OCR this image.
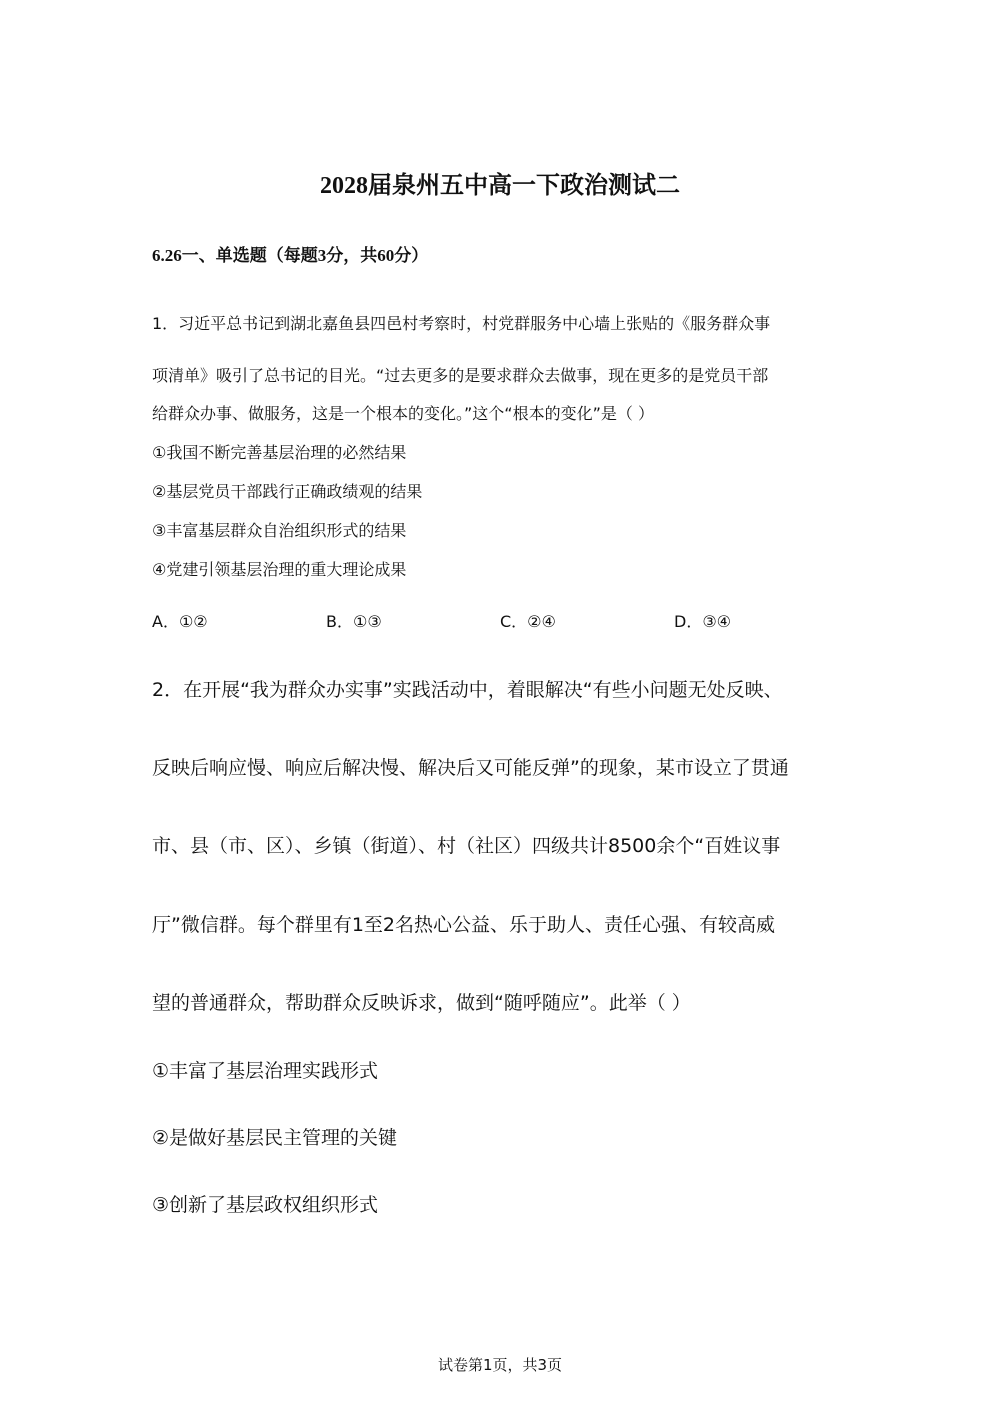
2028届泉州五中高一下政治测试二
6.26一、单选题（每题3分，共60分）
1．习近平总书记到湖北嘉鱼县四邑村考察时，村党群服务中心墙上张贴的《服务群众事
项清单》吸引了总书记的目光。“过去更多的是要求群众去做事，现在更多的是党员干部
给群众办事、做服务，这是一个根本的变化。”这个“根本的变化”是（ ）
①我国不断完善基层治理的必然结果
②基层党员干部践行正确政绩观的结果
③丰富基层群众自治组织形式的结果
④党建引领基层治理的重大理论成果
A．①②	B．①③	C．②④	D．③④
2．在开展“我为群众办实事”实践活动中，着眼解决“有些小问题无处反映、
反映后响应慢、响应后解决慢、解决后又可能反弹”的现象，某市设立了贯通
市、县（市、区）、乡镇（街道）、村（社区）四级共计8500余个“百姓议事
厅”微信群。每个群里有1至2名热心公益、乐于助人、责任心强、有较高威
望的普通群众，帮助群众反映诉求，做到“随呼随应”。此举（ ）
①丰富了基层治理实践形式
②是做好基层民主管理的关键
③创新了基层政权组织形式
试卷第1页，共3页
